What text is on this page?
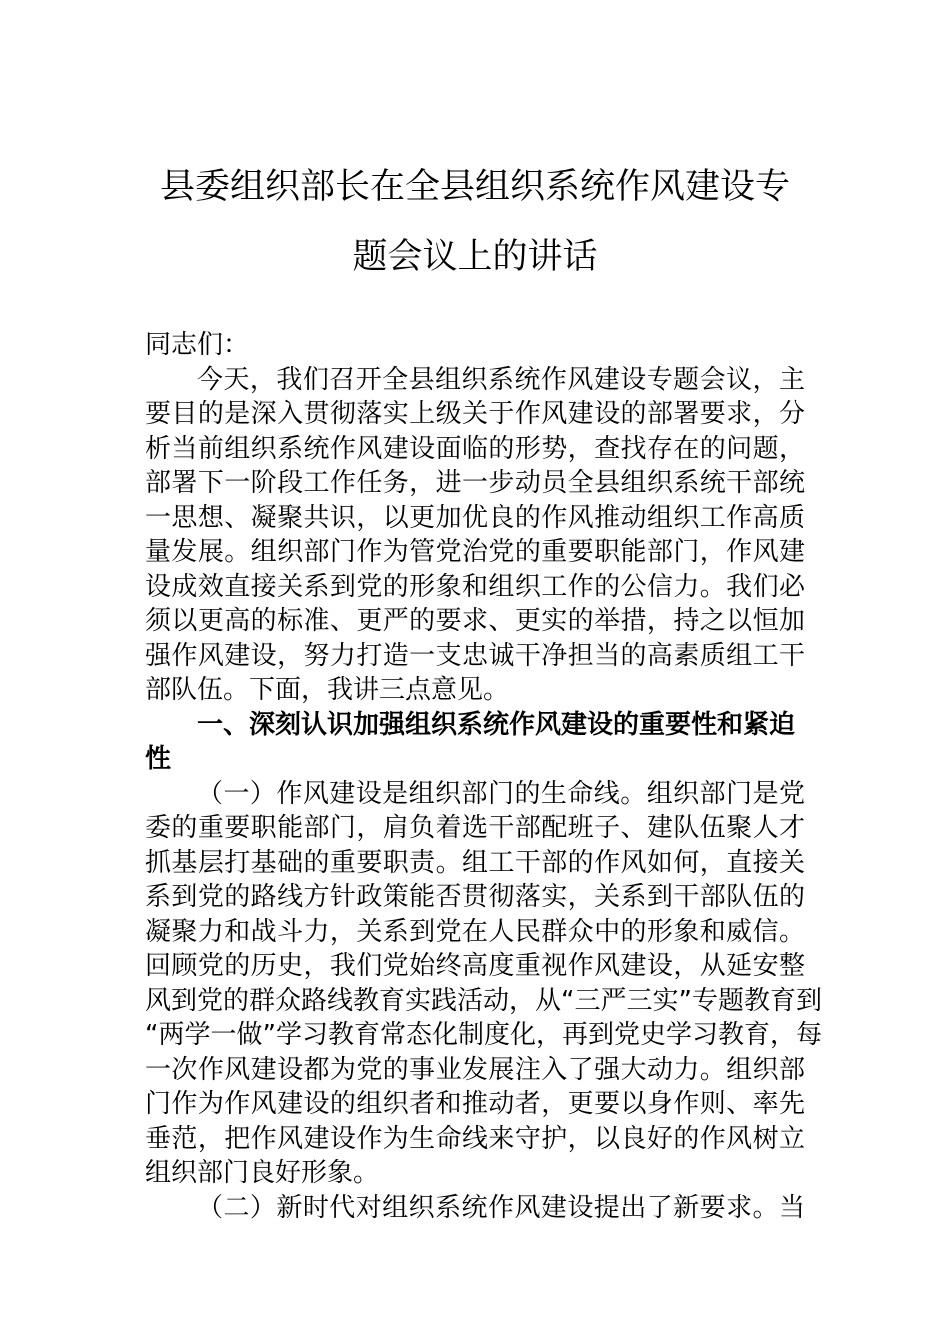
县委组织部长在全县组织系统作风建设专
题会议上的讲话
同志们：
今天，我们召开全县组织系统作风建设专题会议，主
要目的是深入贯彻落实上级关于作风建设的部署要求，分
析当前组织系统作风建设面临的形势，查找存在的问题，
部署下一阶段工作任务，进一步动员全县组织系统干部统
一思想、凝聚共识，以更加优良的作风推动组织工作高质
量发展。组织部门作为管党治党的重要职能部门，作风建
设成效直接关系到党的形象和组织工作的公信力。我们必
须以更高的标准、更严的要求、更实的举措，持之以恒加
强作风建设，努力打造一支忠诚干净担当的高素质组工干
部队伍。下面，我讲三点意见。
一、深刻认识加强组织系统作风建设的重要性和紧迫
性
（一）作风建设是组织部门的生命线。组织部门是党
委的重要职能部门，肩负着选干部配班子、建队伍聚人才
抓基层打基础的重要职责。组工干部的作风如何，直接关
系到党的路线方针政策能否贯彻落实，关系到干部队伍的
凝聚力和战斗力，关系到党在人民群众中的形象和威信。
回顾党的历史，我们党始终高度重视作风建设，从延安整
风到党的群众路线教育实践活动，从“三严三实”专题教育到
“两学一做”学习教育常态化制度化，再到党史学习教育，每
一次作风建设都为党的事业发展注入了强大动力。组织部
门作为作风建设的组织者和推动者，更要以身作则、率先
垂范，把作风建设作为生命线来守护，以良好的作风树立
组织部门良好形象。
（二）新时代对组织系统作风建设提出了新要求。当
